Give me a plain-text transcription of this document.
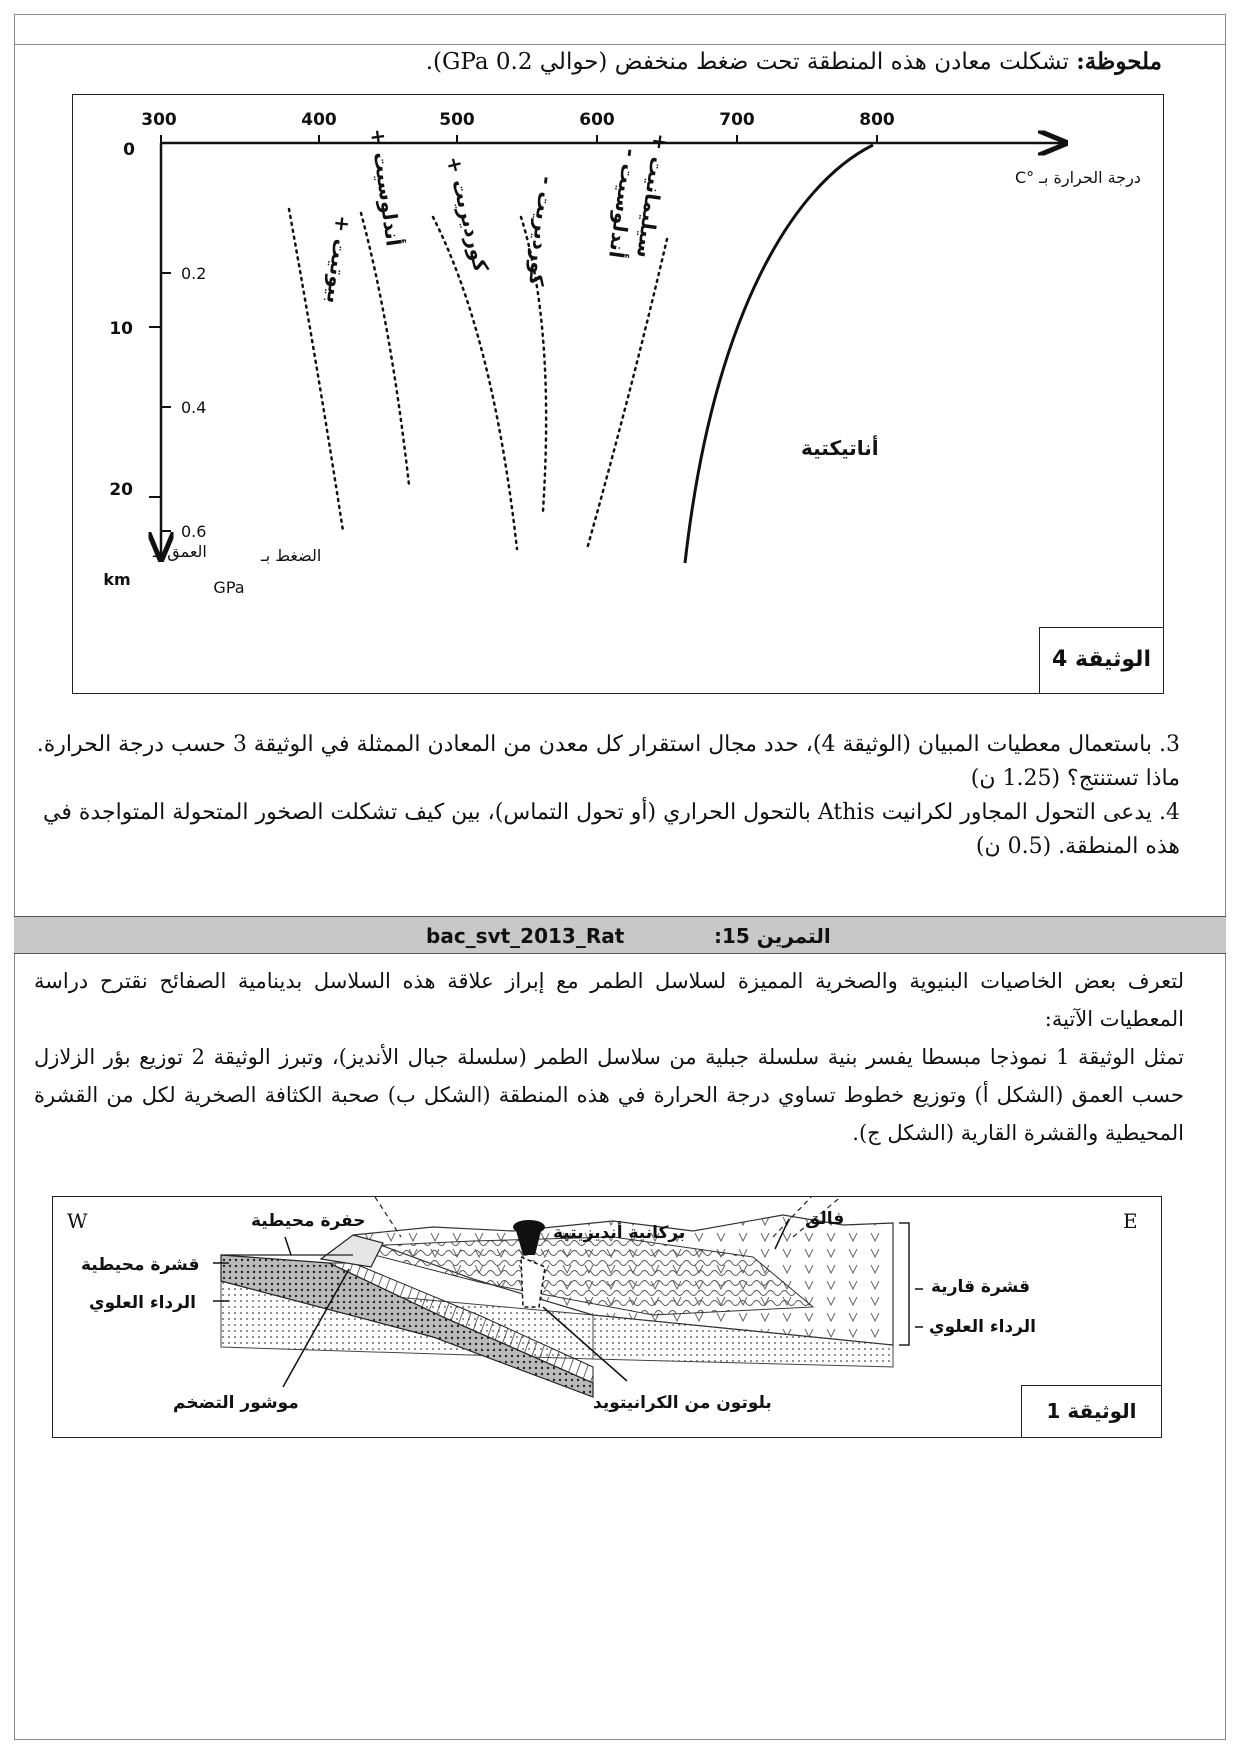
ملحوظة: تشكلت معادن هذه المنطقة تحت ضغط منخفض (حوالي 0.2 GPa).
300	400	500	600	700	800
درجة الحرارة بـ °C
0
10
20
0.2
0.4
0.6
العمق بـ
km
الضغط بـ
GPa
بيوتيت +
أندلوسيت + كورديريت + كورديريت - أندلوسيت -
سيليمانيت +
أناتيكتية
الوثيقة 4

3. باستعمال معطيات المبيان (الوثيقة 4)، حدد مجال استقرار كل معدن من المعادن الممثلة في الوثيقة 3 حسب درجة الحرارة. ماذا تستنتج؟ (1.25 ن)

4. يدعى التحول المجاور لكرانيت Athis بالتحول الحراري (أو تحول التماس)، بين كيف تشكلت الصخور المتحولة المتواجدة في هذه المنطقة. (0.5 ن)

bac_svt_2013_Rat	التمرين 15:

لتعرف بعض الخاصيات البنيوية والصخرية المميزة لسلاسل الطمر مع إبراز علاقة هذه السلاسل بدينامية الصفائح نقترح دراسة المعطيات الآتية:

تمثل الوثيقة 1 نموذجا مبسطا يفسر بنية سلسلة جبلية من سلاسل الطمر (سلسلة جبال الأنديز)، وتبرز الوثيقة 2 توزيع بؤر الزلازل حسب العمق (الشكل أ) وتوزيع خطوط تساوي درجة الحرارة في هذه المنطقة (الشكل ب) صحبة الكثافة الصخرية لكل من القشرة المحيطية والقشرة القارية (الشكل ج).

W	E
حفرة محيطية
بركانية أنديزيتية
فالق
قشرة محيطية
الرداء العلوي
قشرة قارية
الرداء العلوي
موشور التضخم	بلوتون من الكرانيتويد	الوثيقة 1
